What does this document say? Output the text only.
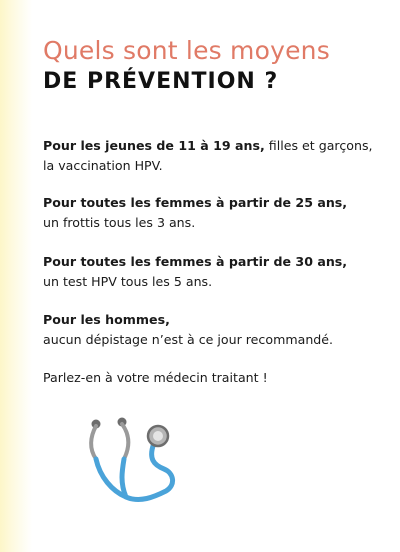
Quels sont les moyens
DE PRÉVENTION ?
Pour les jeunes de 11 à 19 ans, filles et garçons,
la vaccination HPV.
Pour toutes les femmes à partir de 25 ans,
un frottis tous les 3 ans.
Pour toutes les femmes à partir de 30 ans,
un test HPV tous les 5 ans.
Pour les hommes,
aucun dépistage n’est à ce jour recommandé.
Parlez-en à votre médecin traitant !
